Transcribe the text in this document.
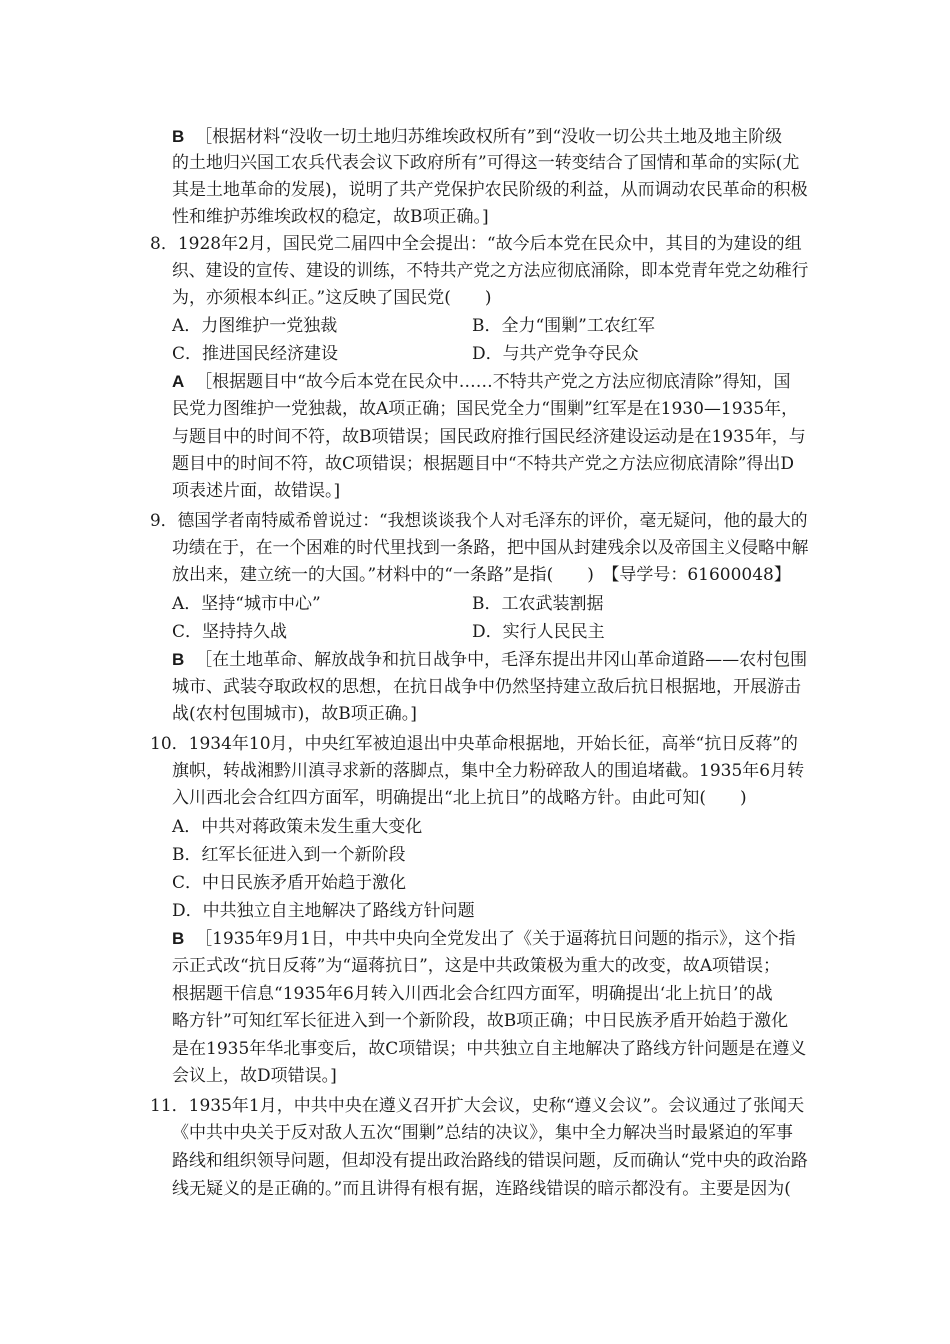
B ［根据材料“没收一切土地归苏维埃政权所有”到“没收一切公共土地及地主阶级
的土地归兴国工农兵代表会议下政府所有”可得这一转变结合了国情和革命的实际(尤
其是土地革命的发展)，说明了共产党保护农民阶级的利益，从而调动农民革命的积极
性和维护苏维埃政权的稳定，故B项正确。]
8．1928年2月，国民党二届四中全会提出：“故今后本党在民众中，其目的为建设的组
织、建设的宣传、建设的训练，不特共产党之方法应彻底涌除，即本党青年党之幼稚行
为，亦须根本纠正。”这反映了国民党(　　)
A．力图维护一党独裁	B．全力“围剿”工农红军
C．推进国民经济建设	D．与共产党争夺民众
A ［根据题目中“故今后本党在民众中……不特共产党之方法应彻底清除”得知，国
民党力图维护一党独裁，故A项正确；国民党全力“围剿”红军是在1930—1935年，
与题目中的时间不符，故B项错误；国民政府推行国民经济建设运动是在1935年，与
题目中的时间不符，故C项错误；根据题目中“不特共产党之方法应彻底清除”得出D
项表述片面，故错误。]
9．德国学者南特威希曾说过：“我想谈谈我个人对毛泽东的评价，毫无疑问，他的最大的
功绩在于，在一个困难的时代里找到一条路，把中国从封建残余以及帝国主义侵略中解
放出来，建立统一的大国。”材料中的“一条路”是指(　　)　【导学号：61600048】
A．坚持“城市中心”	B．工农武装割据
C．坚持持久战	D．实行人民民主
B ［在土地革命、解放战争和抗日战争中，毛泽东提出井冈山革命道路——农村包围
城市、武装夺取政权的思想，在抗日战争中仍然坚持建立敌后抗日根据地，开展游击
战(农村包围城市)，故B项正确。]
10．1934年10月，中央红军被迫退出中央革命根据地，开始长征，高举“抗日反蒋”的
旗帜，转战湘黔川滇寻求新的落脚点，集中全力粉碎敌人的围追堵截。1935年6月转
入川西北会合红四方面军，明确提出“北上抗日”的战略方针。由此可知(　　)
A．中共对蒋政策未发生重大变化
B．红军长征进入到一个新阶段
C．中日民族矛盾开始趋于激化
D．中共独立自主地解决了路线方针问题
B ［1935年9月1日，中共中央向全党发出了《关于逼蒋抗日问题的指示》，这个指
示正式改“抗日反蒋”为“逼蒋抗日”，这是中共政策极为重大的改变，故A项错误；
根据题干信息“1935年6月转入川西北会合红四方面军，明确提出‘北上抗日’的战
略方针”可知红军长征进入到一个新阶段，故B项正确；中日民族矛盾开始趋于激化
是在1935年华北事变后，故C项错误；中共独立自主地解决了路线方针问题是在遵义
会议上，故D项错误。]
11．1935年1月，中共中央在遵义召开扩大会议，史称“遵义会议”。会议通过了张闻天
《中共中央关于反对敌人五次“围剿”总结的决议》，集中全力解决当时最紧迫的军事
路线和组织领导问题，但却没有提出政治路线的错误问题，反而确认“党中央的政治路
线无疑义的是正确的。”而且讲得有根有据，连路线错误的暗示都没有。主要是因为(
